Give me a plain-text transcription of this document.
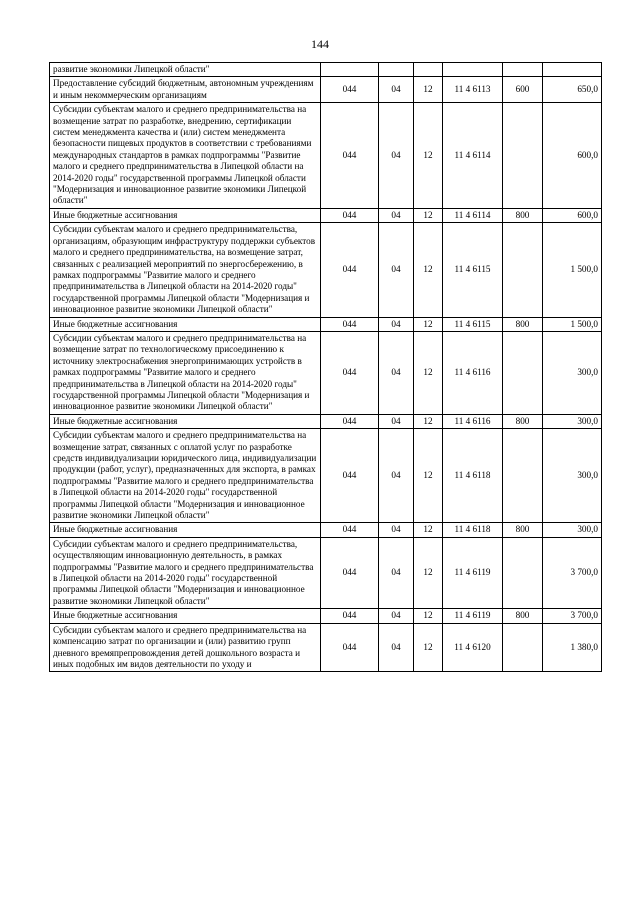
144
развитие экономики Липецкой области"						
Предоставление субсидий бюджетным, автономным учреждениям и иным некоммерческим организациям	044	04	12	11 4 6113	600	650,0
Субсидии субъектам малого и среднего предпринимательства на возмещение затрат по разработке, внедрению, сертификации систем менеджмента качества и (или) систем менеджмента безопасности пищевых продуктов в соответствии с требованиями международных стандартов в рамках подпрограммы "Развитие малого и среднего предпринимательства в Липецкой области на 2014-2020 годы" государственной программы Липецкой области "Модернизация и инновационное развитие экономики Липецкой области"	044	04	12	11 4 6114		600,0
Иные бюджетные ассигнования	044	04	12	11 4 6114	800	600,0
Субсидии субъектам малого и среднего предпринимательства, организациям, образующим инфраструктуру поддержки субъектов малого и среднего предпринимательства, на возмещение затрат, связанных с реализацией мероприятий по энергосбережению, в рамках подпрограммы "Развитие малого и среднего предпринимательства в Липецкой области на 2014-2020 годы" государственной программы Липецкой области "Модернизация и инновационное развитие экономики Липецкой области"	044	04	12	11 4 6115		1 500,0
Иные бюджетные ассигнования	044	04	12	11 4 6115	800	1 500,0
Субсидии субъектам малого и среднего предпринимательства на возмещение затрат по технологическому присоединению к источнику электроснабжения энергопринимающих устройств в рамках подпрограммы "Развитие малого и среднего предпринимательства в Липецкой области на 2014-2020 годы" государственной программы Липецкой области "Модернизация и инновационное развитие экономики Липецкой области"	044	04	12	11 4 6116		300,0
Иные бюджетные ассигнования	044	04	12	11 4 6116	800	300,0
Субсидии субъектам малого и среднего предпринимательства на возмещение затрат, связанных с оплатой услуг по разработке средств индивидуализации юридического лица, индивидуализации продукции (работ, услуг), предназначенных для экспорта, в рамках подпрограммы "Развитие малого и среднего предпринимательства в Липецкой области на 2014-2020 годы" государственной программы Липецкой области "Модернизация и инновационное развитие экономики Липецкой области"	044	04	12	11 4 6118		300,0
Иные бюджетные ассигнования	044	04	12	11 4 6118	800	300,0
Субсидии субъектам малого и среднего предпринимательства, осуществляющим инновационную деятельность, в рамках подпрограммы "Развитие малого и среднего предпринимательства в Липецкой области на 2014-2020 годы" государственной программы Липецкой области "Модернизация и инновационное развитие экономики Липецкой области"	044	04	12	11 4 6119		3 700,0
Иные бюджетные ассигнования	044	04	12	11 4 6119	800	3 700,0
Субсидии субъектам малого и среднего предпринимательства на компенсацию затрат по организации и (или) развитию групп дневного времяпрепровождения детей дошкольного возраста и иных подобных им видов деятельности по уходу и	044	04	12	11 4 6120		1 380,0
